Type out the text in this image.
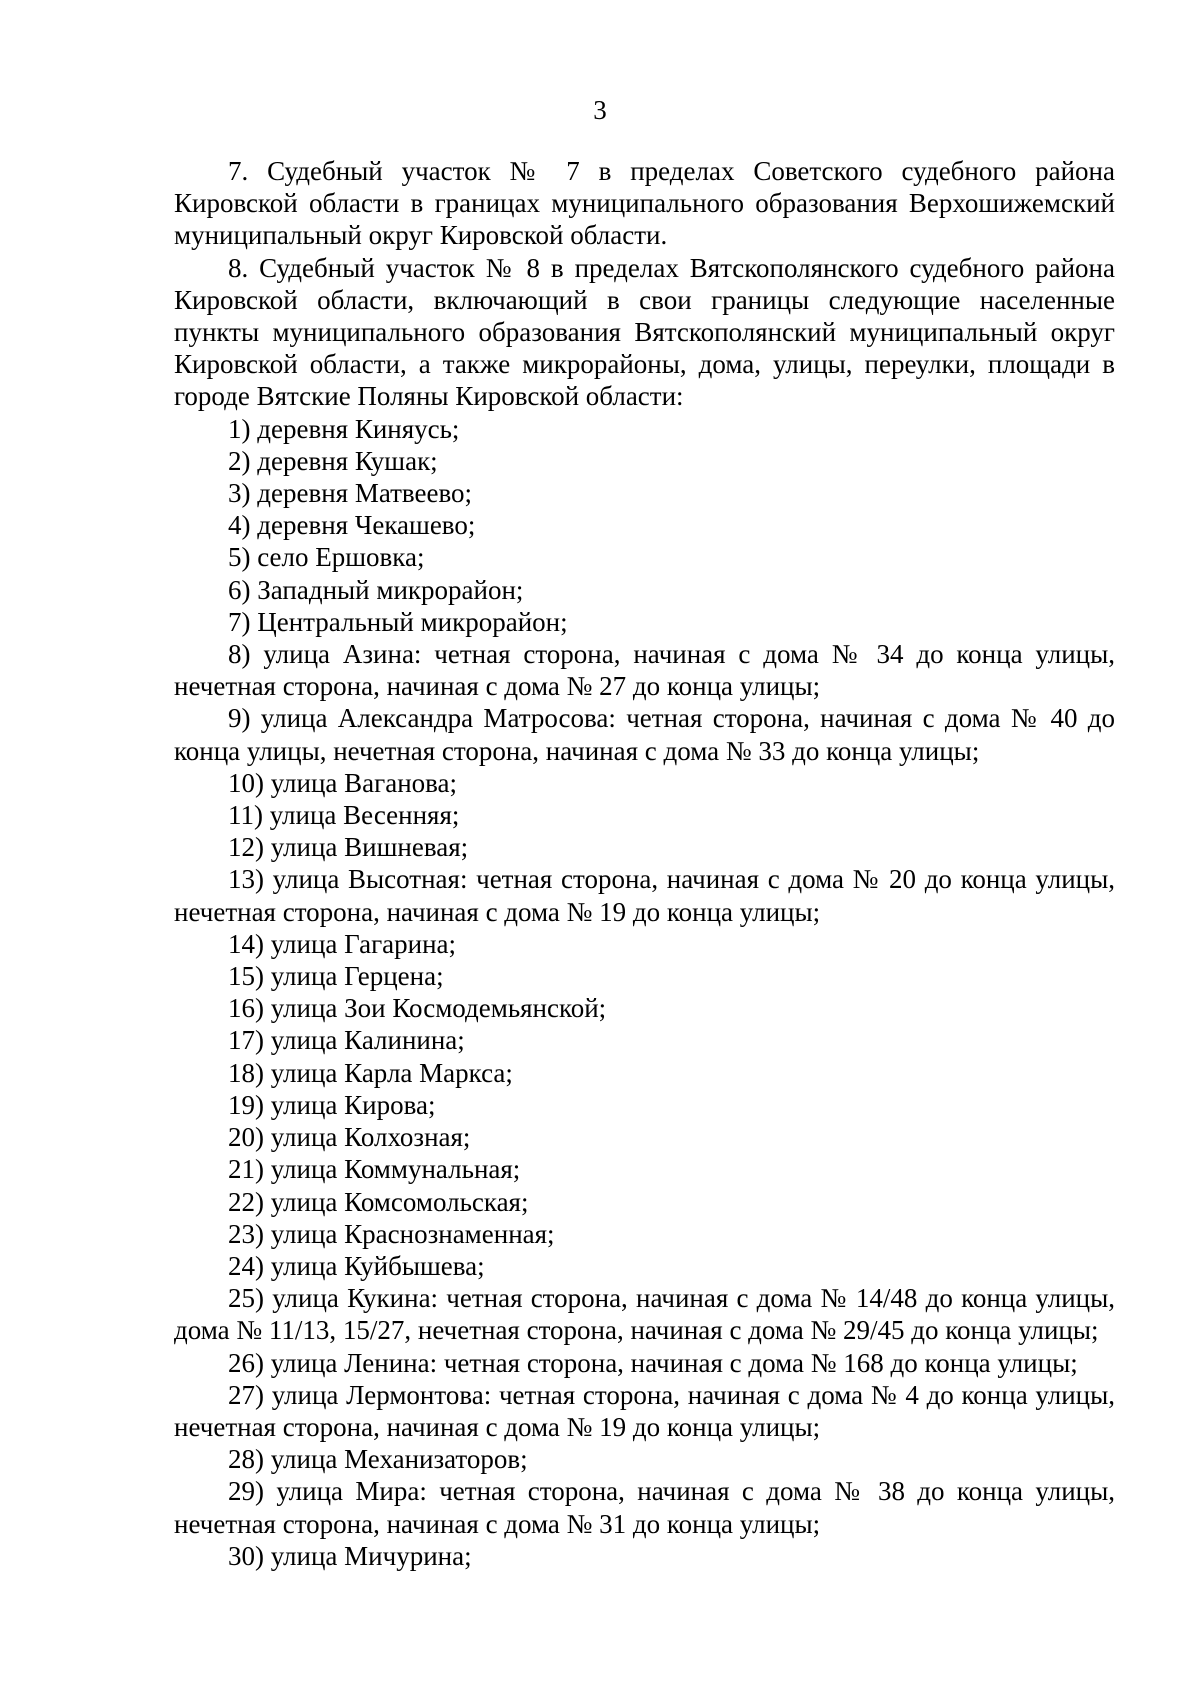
3

7. Судебный участок № 7 в пределах Советского судебного района Кировской области в границах муниципального образования Верхошижемский муниципальный округ Кировской области.

8. Судебный участок № 8 в пределах Вятскополянского судебного района Кировской области, включающий в свои границы следующие населенные пункты муниципального образования Вятскополянский муниципальный округ Кировской области, а также микрорайоны, дома, улицы, переулки, площади в городе Вятские Поляны Кировской области:

1) деревня Киняусь;

2) деревня Кушак;

3) деревня Матвеево;

4) деревня Чекашево;

5) село Ершовка;

6) Западный микрорайон;

7) Центральный микрорайон;

8) улица Азина: четная сторона, начиная с дома № 34 до конца улицы, нечетная сторона, начиная с дома № 27 до конца улицы;

9) улица Александра Матросова: четная сторона, начиная с дома № 40 до конца улицы, нечетная сторона, начиная с дома № 33 до конца улицы;

10) улица Ваганова;

11) улица Весенняя;

12) улица Вишневая;

13) улица Высотная: четная сторона, начиная с дома № 20 до конца улицы, нечетная сторона, начиная с дома № 19 до конца улицы;

14) улица Гагарина;

15) улица Герцена;

16) улица Зои Космодемьянской;

17) улица Калинина;

18) улица Карла Маркса;

19) улица Кирова;

20) улица Колхозная;

21) улица Коммунальная;

22) улица Комсомольская;

23) улица Краснознаменная;

24) улица Куйбышева;

25) улица Кукина: четная сторона, начиная с дома № 14/48 до конца улицы, дома № 11/13, 15/27, нечетная сторона, начиная с дома № 29/45 до конца улицы;

26) улица Ленина: четная сторона, начиная с дома № 168 до конца улицы;

27) улица Лермонтова: четная сторона, начиная с дома № 4 до конца улицы, нечетная сторона, начиная с дома № 19 до конца улицы;

28) улица Механизаторов;

29) улица Мира: четная сторона, начиная с дома № 38 до конца улицы, нечетная сторона, начиная с дома № 31 до конца улицы;

30) улица Мичурина;
